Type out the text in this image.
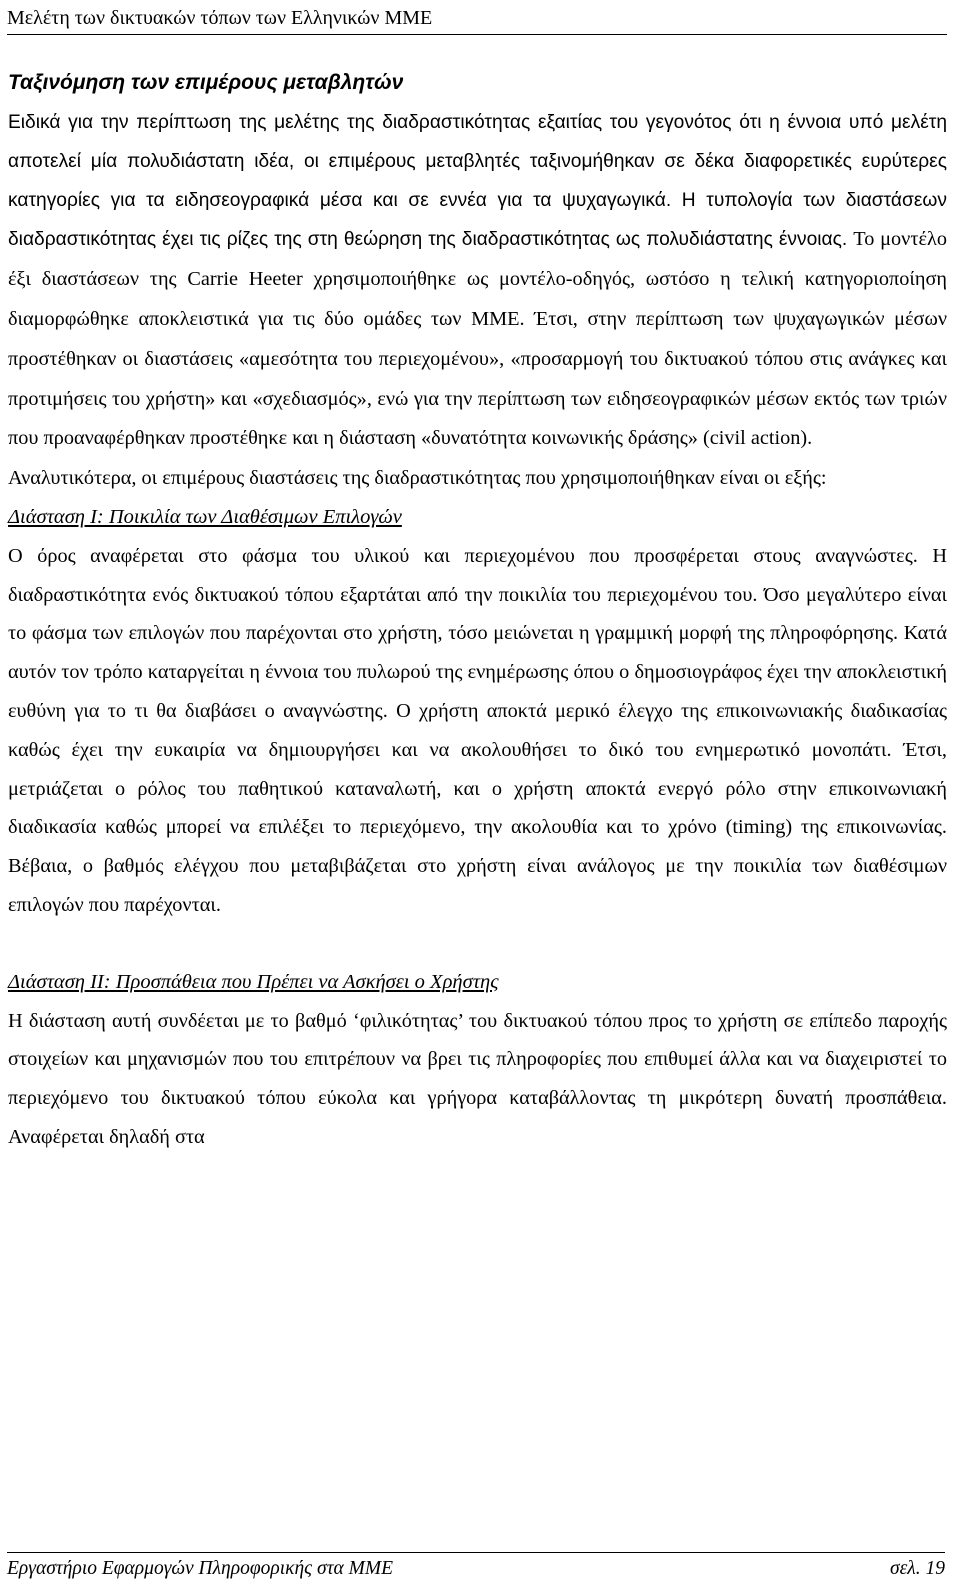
Μελέτη των δικτυακών τόπων των Ελληνικών ΜΜΕ
Ταξινόμηση των επιμέρους μεταβλητών

Ειδικά για την περίπτωση της μελέτης της διαδραστικότητας εξαιτίας του γεγονότος ότι η έννοια υπό μελέτη αποτελεί μία πολυδιάστατη ιδέα, οι επιμέρους μεταβλητές ταξινομήθηκαν σε δέκα διαφορετικές ευρύτερες κατηγορίες για τα ειδησεογραφικά μέσα και σε εννέα για τα ψυχαγωγικά. Η τυπολογία των διαστάσεων διαδραστικότητας έχει τις ρίζες της στη θεώρηση της διαδραστικότητας ως πολυδιάστατης έννοιας. Το μοντέλο έξι διαστάσεων της Carrie Heeter χρησιμοποιήθηκε ως μοντέλο-οδηγός, ωστόσο η τελική κατηγοριοποίηση διαμορφώθηκε αποκλειστικά για τις δύο ομάδες των ΜΜΕ. Έτσι, στην περίπτωση των ψυχαγωγικών μέσων προστέθηκαν οι διαστάσεις «αμεσότητα του περιεχομένου», «προσαρμογή του δικτυακού τόπου στις ανάγκες και προτιμήσεις του χρήστη» και «σχεδιασμός», ενώ για την περίπτωση των ειδησεογραφικών μέσων εκτός των τριών που προαναφέρθηκαν προστέθηκε και η διάσταση «δυνατότητα κοινωνικής δράσης» (civil action).

Αναλυτικότερα, οι επιμέρους διαστάσεις της διαδραστικότητας που χρησιμοποιήθηκαν είναι οι εξής:

Διάσταση Ι: Ποικιλία των Διαθέσιμων Επιλογών

Ο όρος αναφέρεται στο φάσμα του υλικού και περιεχομένου που προσφέρεται στους αναγνώστες. Η διαδραστικότητα ενός δικτυακού τόπου εξαρτάται από την ποικιλία του περιεχομένου του. Όσο μεγαλύτερο είναι το φάσμα των επιλογών που παρέχονται στο χρήστη, τόσο μειώνεται η γραμμική μορφή της πληροφόρησης. Κατά αυτόν τον τρόπο καταργείται η έννοια του πυλωρού της ενημέρωσης όπου ο δημοσιογράφος έχει την αποκλειστική ευθύνη για το τι θα διαβάσει ο αναγνώστης. Ο χρήστη αποκτά μερικό έλεγχο της επικοινωνιακής διαδικασίας καθώς έχει την ευκαιρία να δημιουργήσει και να ακολουθήσει το δικό του ενημερωτικό μονοπάτι. Έτσι, μετριάζεται ο ρόλος του παθητικού καταναλωτή, και ο χρήστη αποκτά ενεργό ρόλο στην επικοινωνιακή διαδικασία καθώς μπορεί να επιλέξει το περιεχόμενο, την ακολουθία και το χρόνο (timing) της επικοινωνίας. Βέβαια, ο βαθμός ελέγχου που μεταβιβάζεται στο χρήστη είναι ανάλογος με την ποικιλία των διαθέσιμων επιλογών που παρέχονται.

Διάσταση ΙΙ: Προσπάθεια που Πρέπει να Ασκήσει ο Χρήστης

Η διάσταση αυτή συνδέεται με το βαθμό ‘φιλικότητας’ του δικτυακού τόπου προς το χρήστη σε επίπεδο παροχής στοιχείων και μηχανισμών που του επιτρέπουν να βρει τις πληροφορίες που επιθυμεί άλλα και να διαχειριστεί το περιεχόμενο του δικτυακού τόπου εύκολα και γρήγορα καταβάλλοντας τη μικρότερη δυνατή προσπάθεια. Αναφέρεται δηλαδή στα

Εργαστήριο Εφαρμογών Πληροφορικής στα ΜΜΕ	σελ. 19
